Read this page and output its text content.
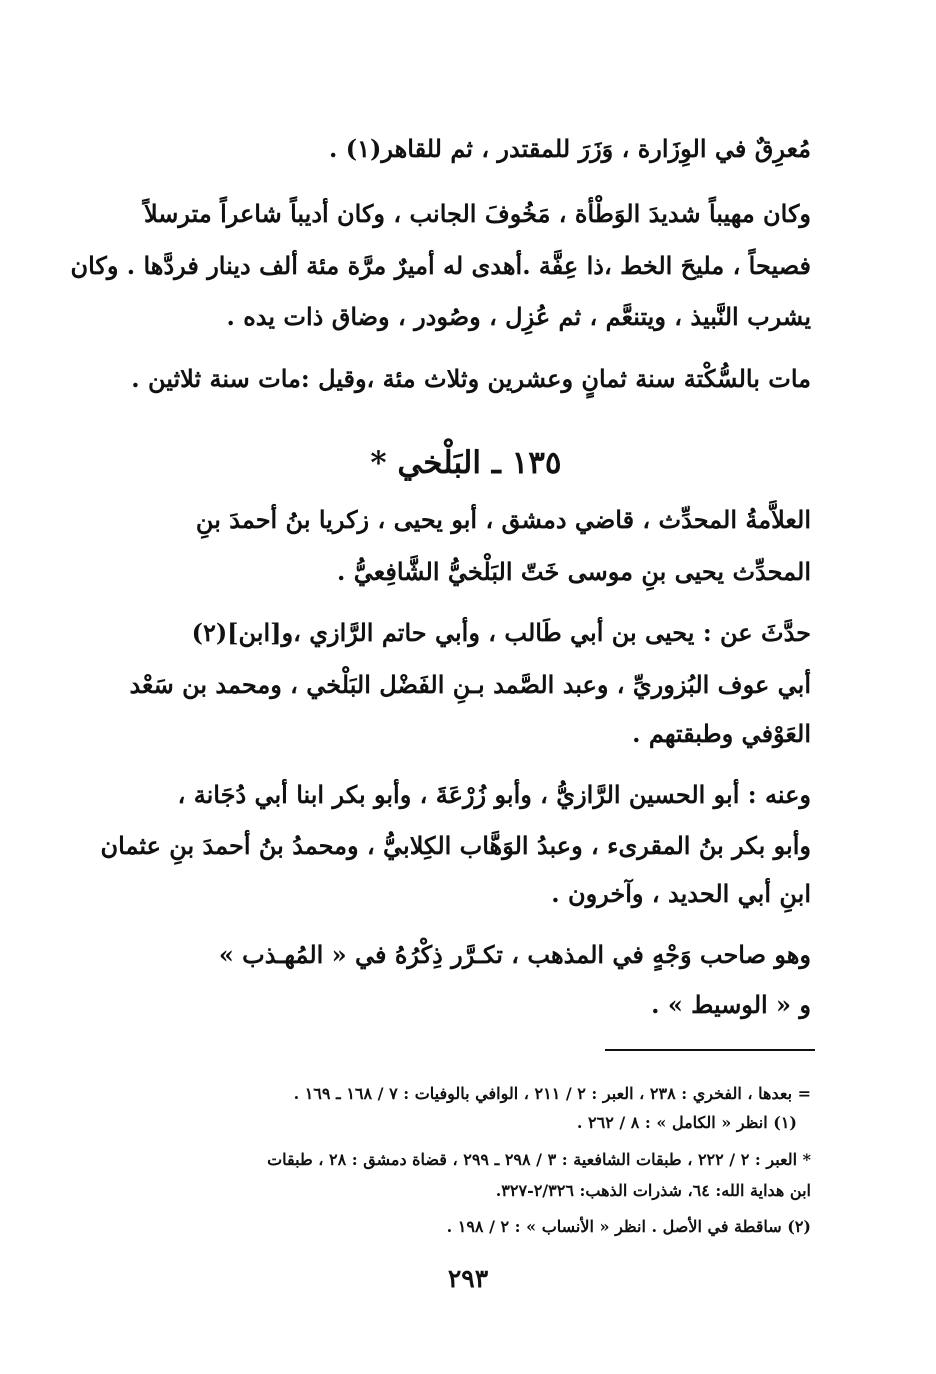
مُعرِقٌ في الوِزَارة ، وَزَرَ للمقتدر ، ثم للقاهر(١) .
وكان مهيباً شديدَ الوَطْأة ، مَخُوفَ الجانب ، وكان أديباً شاعراً مترسلاً
فصيحاً ، مليحَ الخط ،ذا عِفَّة .أهدى له أميرٌ مرَّة مئة ألف دينار فردَّها . وكان
يشرب النَّبيذ ، ويتنعَّم ، ثم عُزِل ، وصُودر ، وضاق ذات يده .
مات بالسُّكْتة سنة ثمانٍ وعشرين وثلاث مئة ،وقيل :مات سنة ثلاثين .
١٣٥ ـ البَلْخي *
العلاَّمةُ المحدِّث ، قاضي دمشق ، أبو يحيى ، زكريا بنُ أحمدَ بنِ
المحدِّث يحيى بنِ موسى خَتّ البَلْخيُّ الشَّافِعيُّ .
حدَّثَ عن : يحيى بن أبي طَالب ، وأبي حاتم الرَّازي ،و[ابن](٢)
أبي عوف البُزوريِّ ، وعبد الصَّمد بـنِ الفَضْل البَلْخي ، ومحمد بن سَعْد
العَوْفي وطبقتهم .
وعنه : أبو الحسين الرَّازيُّ ، وأبو زُرْعَةَ ، وأبو بكر ابنا أبي دُجَانة ،
وأبو بكر بنُ المقرىء ، وعبدُ الوَهَّاب الكِلابيُّ ، ومحمدُ بنُ أحمدَ بنِ عثمان
ابنِ أبي الحديد ، وآخرون .
وهو صاحب وَجْهٍ في المذهب ، تكـرَّر ذِكْرُهُ في « المُهـذب »
و « الوسيط » .
= بعدها ، الفخري : ٢٣٨ ، العبر : ٢ / ٢١١ ، الوافي بالوفيات : ٧ / ١٦٨ ـ ١٦٩ .
(١) انظر « الكامل » : ٨ / ٢٦٢ .
* العبر : ٢ / ٢٢٢ ، طبقات الشافعية : ٣ / ٢٩٨ ـ ٢٩٩ ، قضاة دمشق : ٢٨ ، طبقات
ابن هداية الله: ٦٤، شذرات الذهب: ٢/٣٢٦-٣٢٧.
(٢) ساقطة في الأصل . انظر « الأنساب » : ٢ / ١٩٨ .
٢٩٣
